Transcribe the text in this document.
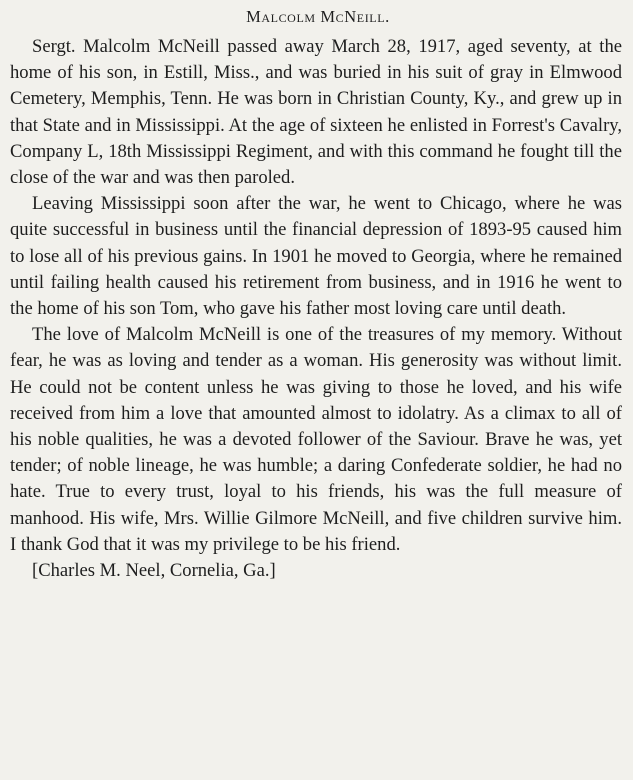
Malcolm McNeill.

Sergt. Malcolm McNeill passed away March 28, 1917, aged seventy, at the home of his son, in Estill, Miss., and was buried in his suit of gray in Elmwood Cemetery, Memphis, Tenn. He was born in Christian County, Ky., and grew up in that State and in Mississippi. At the age of sixteen he enlisted in Forrest's Cavalry, Company L, 18th Mississippi Regiment, and with this command he fought till the close of the war and was then paroled.

Leaving Mississippi soon after the war, he went to Chicago, where he was quite successful in business until the financial depression of 1893-95 caused him to lose all of his previous gains. In 1901 he moved to Georgia, where he remained until failing health caused his retirement from business, and in 1916 he went to the home of his son Tom, who gave his father most loving care until death.

The love of Malcolm McNeill is one of the treasures of my memory. Without fear, he was as loving and tender as a woman. His generosity was without limit. He could not be content unless he was giving to those he loved, and his wife received from him a love that amounted almost to idolatry. As a climax to all of his noble qualities, he was a devoted follower of the Saviour. Brave he was, yet tender; of noble lineage, he was humble; a daring Confederate soldier, he had no hate. True to every trust, loyal to his friends, his was the full measure of manhood. His wife, Mrs. Willie Gilmore McNeill, and five children survive him. I thank God that it was my privilege to be his friend.

[Charles M. Neel, Cornelia, Ga.]
